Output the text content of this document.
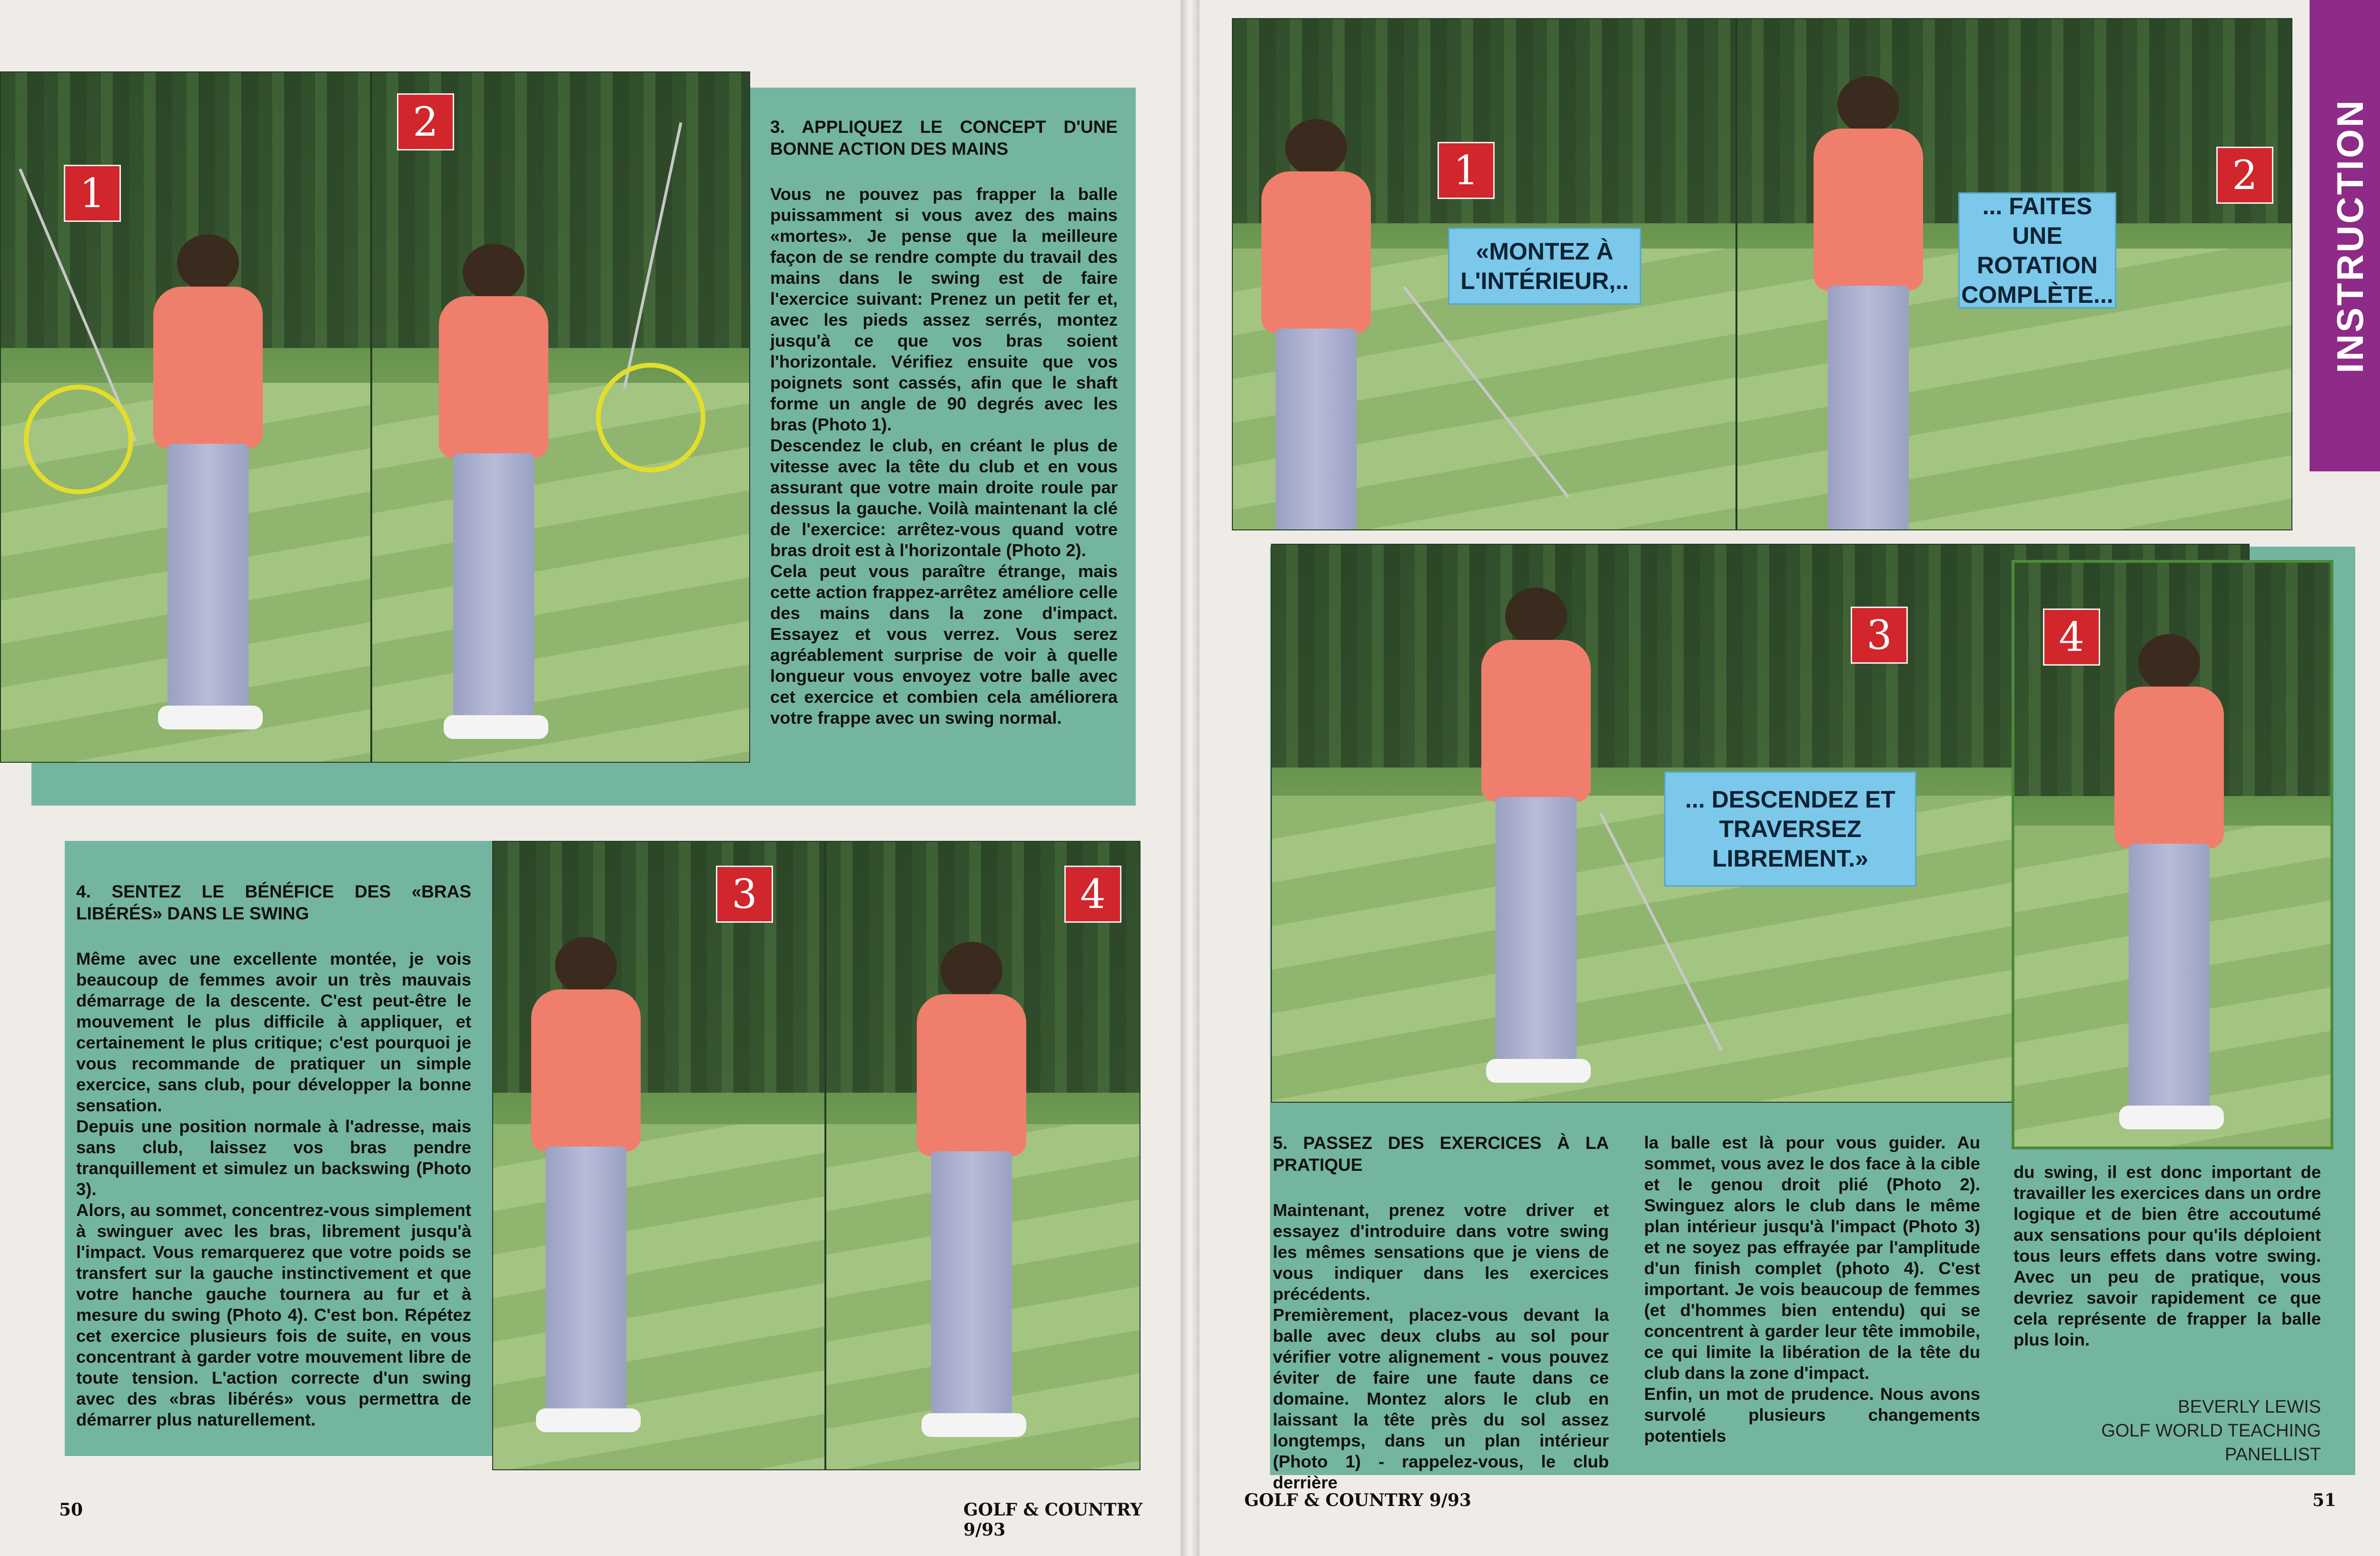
1
2	3. APPLIQUEZ LE CONCEPT D'UNE BONNE ACTION DES MAINS

Vous ne pouvez pas frapper la balle puissamment si vous avez des mains «mortes». Je pense que la meilleure façon de se rendre compte du travail des mains dans le swing est de faire l'exercice suivant: Prenez un petit fer et, avec les pieds assez serrés, montez jusqu'à ce que vos bras soient l'horizontale. Vérifiez ensuite que vos poignets sont cassés, afin que le shaft forme un angle de 90 degrés avec les bras (Photo 1).

Descendez le club, en créant le plus de vitesse avec la tête du club et en vous assurant que votre main droite roule par dessus la gauche. Voilà maintenant la clé de l'exercice: arrêtez-vous quand votre bras droit est à l'horizontale (Photo 2).

Cela peut vous paraître étrange, mais cette action frappez-arrêtez améliore celle des mains dans la zone d'impact. Essayez et vous verrez. Vous serez agréablement surprise de voir à quelle longueur vous envoyez votre balle avec cet exercice et combien cela améliorera votre frappe avec un swing normal.

4. SENTEZ LE BÉNÉFICE DES «BRAS LIBÉRÉS» DANS LE SWING

Même avec une excellente montée, je vois beaucoup de femmes avoir un très mauvais démarrage de la descente. C'est peut-être le mouvement le plus difficile à appliquer, et certainement le plus critique; c'est pourquoi je vous recommande de pratiquer un simple exercice, sans club, pour développer la bonne sensation.

Depuis une position normale à l'adresse, mais sans club, laissez vos bras pendre tranquillement et simulez un backswing (Photo 3).

Alors, au sommet, concentrez-vous simplement à swinguer avec les bras, librement jusqu'à l'impact. Vous remarquerez que votre poids se transfert sur la gauche instinctivement et que votre hanche gauche tournera au fur et à mesure du swing (Photo 4). C'est bon. Répétez cet exercice plusieurs fois de suite, en vous concentrant à garder votre mouvement libre de toute tension. L'action correcte d'un swing avec des «bras libérés» vous permettra de démarrer plus naturellement.

3	4
50	GOLF & COUNTRY 9/93
INSTRUCTION
1	2
«MONTEZ À L'INTÉRIEUR,..
... FAITES UNE ROTATION COMPLÈTE...
3
... DESCENDEZ ET TRAVERSEZ LIBREMENT.»
4
5. PASSEZ DES EXERCICES À LA PRATIQUE

Maintenant, prenez votre driver et essayez d'introduire dans votre swing les mêmes sensations que je viens de vous indiquer dans les exercices précédents.

Premièrement, placez-vous devant la balle avec deux clubs au sol pour vérifier votre alignement - vous pouvez éviter de faire une faute dans ce domaine. Montez alors le club en laissant la tête près du sol assez longtemps, dans un plan intérieur (Photo 1) - rappelez-vous, le club derrière

la balle est là pour vous guider. Au sommet, vous avez le dos face à la cible et le genou droit plié (Photo 2). Swinguez alors le club dans le même plan intérieur jusqu'à l'impact (Photo 3) et ne soyez pas effrayée par l'amplitude d'un finish complet (photo 4). C'est important. Je vois beaucoup de femmes (et d'hommes bien entendu) qui se concentrent à garder leur tête immobile, ce qui limite la libération de la tête du club dans la zone d'impact.

Enfin, un mot de prudence. Nous avons survolé plusieurs changements potentiels

du swing, il est donc important de travailler les exercices dans un ordre logique et de bien être accoutumé aux sensations pour qu'ils déploient tous leurs effets dans votre swing. Avec un peu de pratique, vous devriez savoir rapidement ce que cela représente de frapper la balle plus loin.

BEVERLY LEWIS
GOLF WORLD TEACHING PANELLIST
GOLF & COUNTRY 9/93	51
